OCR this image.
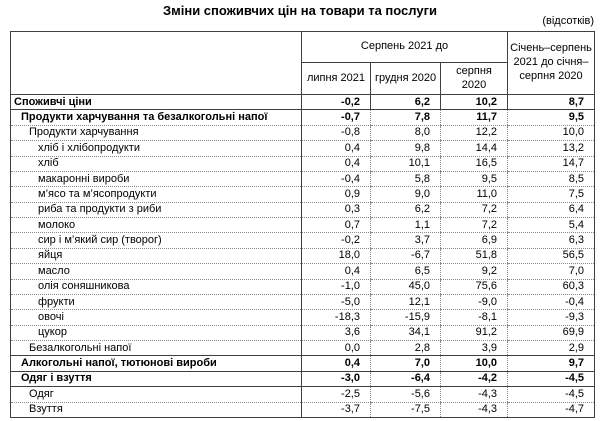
Зміни споживчих цін на товари та послуги
(відсотків)
	Серпень 2021 до			Січень–серпень 2021 до січня–серпня 2020
	липня 2021	грудня 2020	серпня 2020	
Споживчі ціни	-0,2	6,2	10,2	8,7
Продукти харчування та безалкогольні напої	-0,7	7,8	11,7	9,5
Продукти харчування	-0,8	8,0	12,2	10,0
хліб і хлібопродукти	0,4	9,8	14,4	13,2
хліб	0,4	10,1	16,5	14,7
макаронні вироби	-0,4	5,8	9,5	8,5
м’ясо та м’ясопродукти	0,9	9,0	11,0	7,5
риба та продукти з риби	0,3	6,2	7,2	6,4
молоко	0,7	1,1	7,2	5,4
сир і м’який сир (творог)	-0,2	3,7	6,9	6,3
яйця	18,0	-6,7	51,8	56,5
масло	0,4	6,5	9,2	7,0
олія соняшникова	-1,0	45,0	75,6	60,3
фрукти	-5,0	12,1	-9,0	-0,4
овочі	-18,3	-15,9	-8,1	-9,3
цукор	3,6	34,1	91,2	69,9
Безалкогольні напої	0,0	2,8	3,9	2,9
Алкогольні напої, тютюнові вироби	0,4	7,0	10,0	9,7
Одяг і взуття	-3,0	-6,4	-4,2	-4,5
Одяг	-2,5	-5,6	-4,3	-4,5
Взуття	-3,7	-7,5	-4,3	-4,7
